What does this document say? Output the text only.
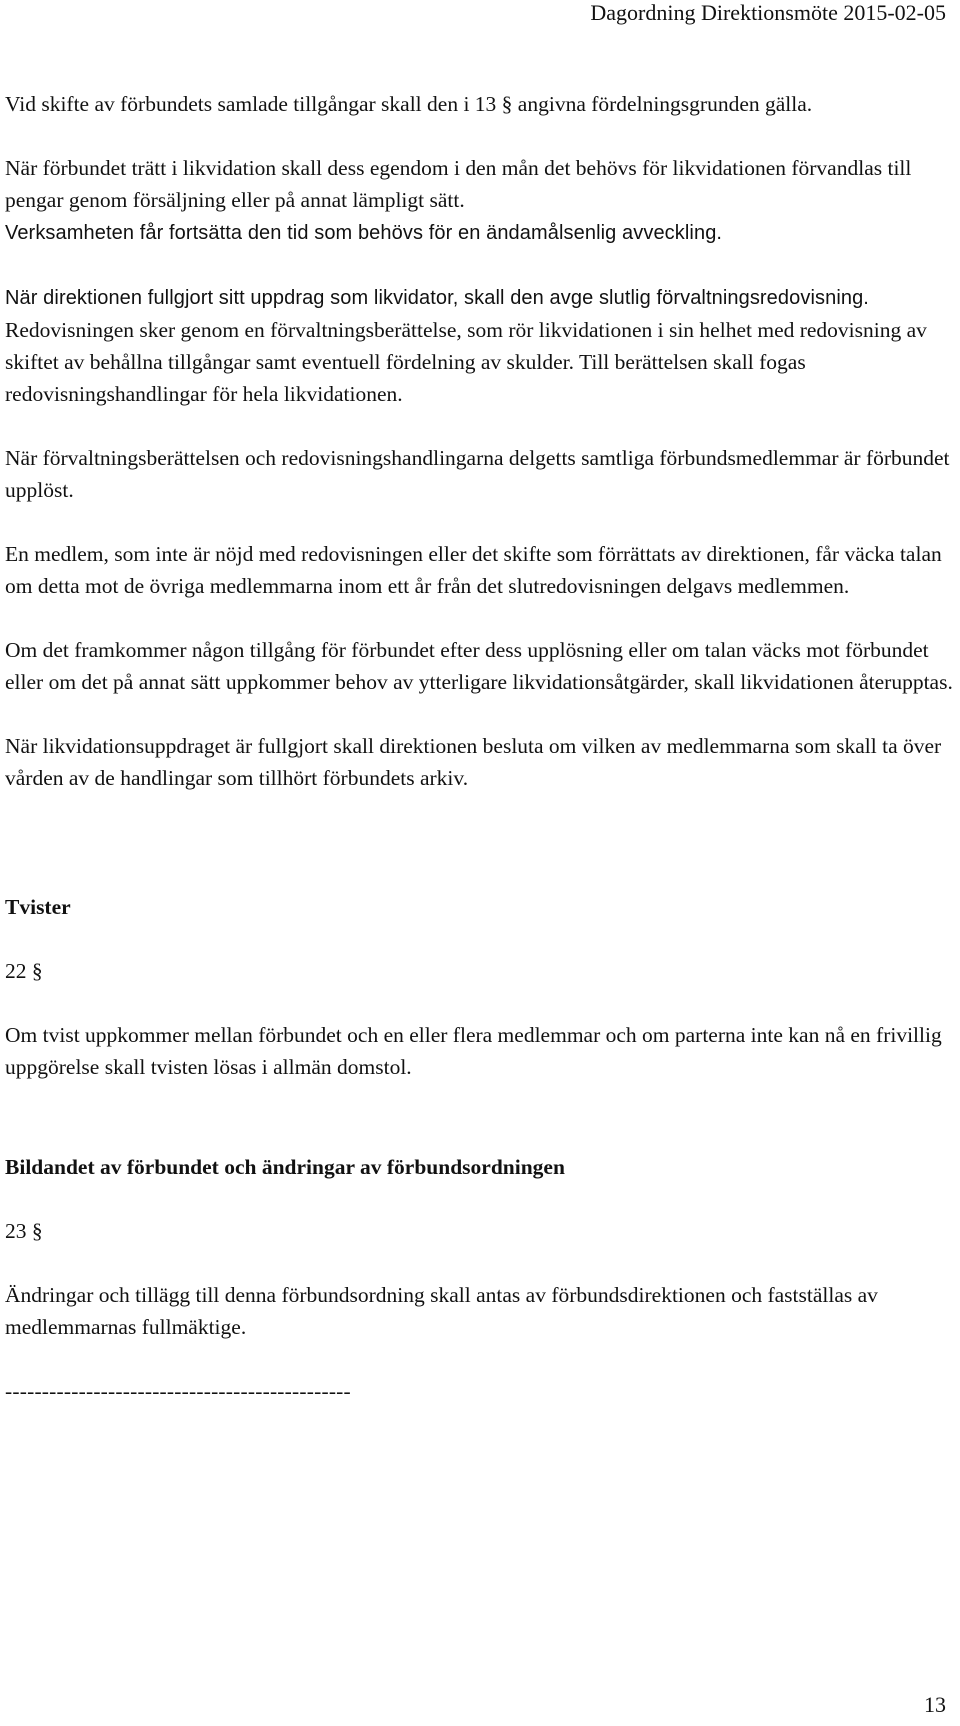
Dagordning Direktionsmöte 2015-02-05

Vid skifte av förbundets samlade tillgångar skall den i 13 § angivna fördelningsgrunden gälla.

När förbundet trätt i likvidation skall dess egendom i den mån det behövs för likvidationen förvandlas till pengar genom försäljning eller på annat lämpligt sätt.
Verksamheten får fortsätta den tid som behövs för en ändamålsenlig avveckling.

När direktionen fullgjort sitt uppdrag som likvidator, skall den avge slutlig förvaltningsredovisning. Redovisningen sker genom en förvaltningsberättelse, som rör likvidationen i sin helhet med redovisning av skiftet av behållna tillgångar samt eventuell fördelning av skulder. Till berättelsen skall fogas redovisningshandlingar för hela likvidationen.

När förvaltningsberättelsen och redovisningshandlingarna delgetts samtliga förbundsmedlemmar är förbundet upplöst.

En medlem, som inte är nöjd med redovisningen eller det skifte som förrättats av direktionen, får väcka talan om detta mot de övriga medlemmarna inom ett år från det slutredovisningen delgavs medlemmen.

Om det framkommer någon tillgång för förbundet efter dess upplösning eller om talan väcks mot förbundet eller om det på annat sätt uppkommer behov av ytterligare likvidationsåtgärder, skall likvidationen återupptas.

När likvidationsuppdraget är fullgjort skall direktionen besluta om vilken av medlemmarna som skall ta över vården av de handlingar som tillhört förbundets arkiv.

Tvister
22 §

Om tvist uppkommer mellan förbundet och en eller flera medlemmar och om parterna inte kan nå en frivillig uppgörelse skall tvisten lösas i allmän domstol.

Bildandet av förbundet och ändringar av förbundsordningen
23 §

Ändringar och tillägg till denna förbundsordning skall antas av förbundsdirektionen och fastställas av medlemmarnas fullmäktige.

-----------------------------------------------
13
